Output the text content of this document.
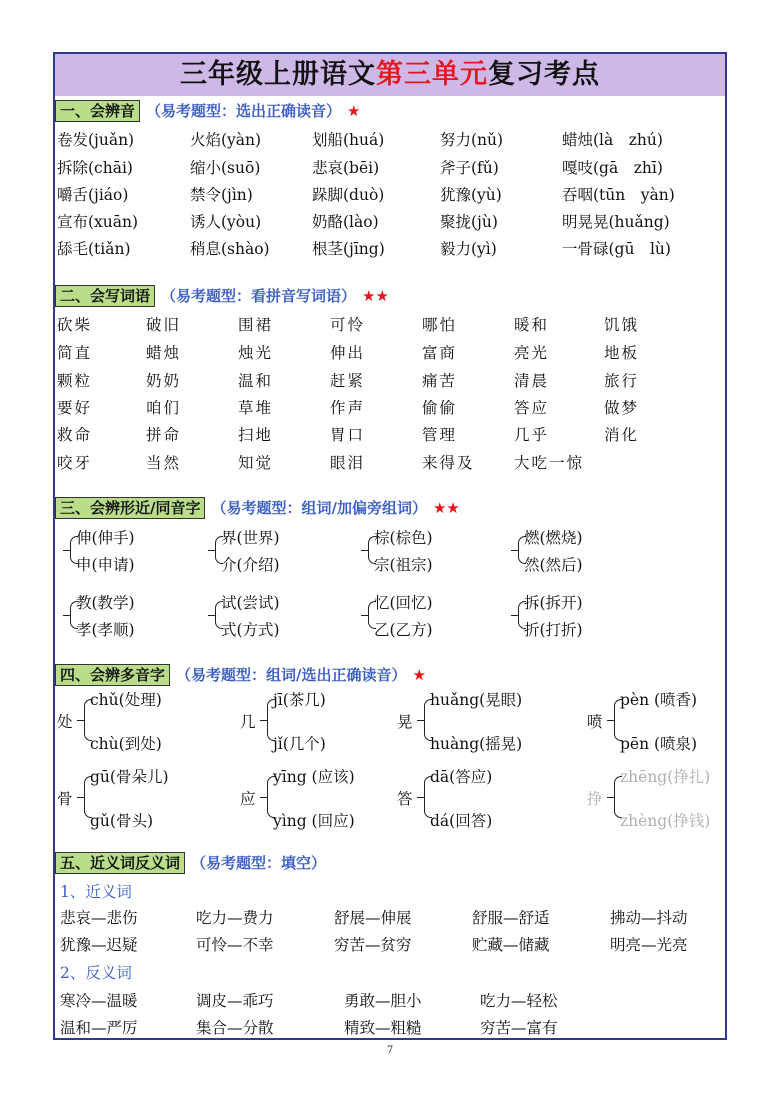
三年级上册语文第三单元复习考点
一、会辨音 （易考题型：选出正确读音） ★
卷发(juǎn)	火焰(yàn)	划船(huá)	努力(nǔ)	蜡烛(là　zhú)
拆除(chāi)	缩小(suō)	悲哀(bēi)	斧子(fǔ)	嘎吱(gā　zhī)
嚼舌(jiáo)	禁令(jìn)	跺脚(duò)	犹豫(yù)	吞咽(tūn　yàn)
宣布(xuān)	诱人(yòu)	奶酪(lào)	聚拢(jù)	明晃晃(huǎng)
舔毛(tiǎn)	稍息(shào)	根茎(jīng)	毅力(yì)	一骨碌(gū　lù)
二、会写词语 （易考题型：看拼音写词语） ★★
砍柴	破旧	围裙	可怜	哪怕	暖和	饥饿
简直	蜡烛	烛光	伸出	富商	亮光	地板
颗粒	奶奶	温和	赶紧	痛苦	清晨	旅行
要好	咱们	草堆	作声	偷偷	答应	做梦
救命	拼命	扫地	胃口	管理	几乎	消化
咬牙	当然	知觉	眼泪	来得及	大吃一惊
三、会辨形近/同音字 （易考题型：组词/加偏旁组词） ★★
伸(伸手)
申(申请)
界(世界)
介(介绍)
棕(棕色)
宗(祖宗)
燃(燃烧)
然(然后)
教(教学)
孝(孝顺)
试(尝试)
式(方式)
忆(回忆)
乙(乙方)
拆(拆开)
折(打折)
四、会辨多音字 （易考题型：组词/选出正确读音） ★
处
chǔ(处理)
chù(到处)
几
jī(茶几)
jǐ(几个)
晃
huǎng(晃眼)
huàng(摇晃)
喷
pèn (喷香)
pēn (喷泉)
骨
gū(骨朵儿)
gǔ(骨头)
应
yīng (应该)
yìng (回应)
答
dā(答应)
dá(回答)
挣
zhēng(挣扎)
zhèng(挣钱)
五、近义词反义词 （易考题型：填空）
1、近义词
悲哀—悲伤	吃力—费力	舒展—伸展	舒服—舒适	拂动—抖动
犹豫—迟疑	可怜—不幸	穷苦—贫穷	贮藏—储藏	明亮—光亮
2、反义词
寒冷—温暖	调皮—乖巧	勇敢—胆小	吃力—轻松
温和—严厉	集合—分散	精致—粗糙	穷苦—富有
7
